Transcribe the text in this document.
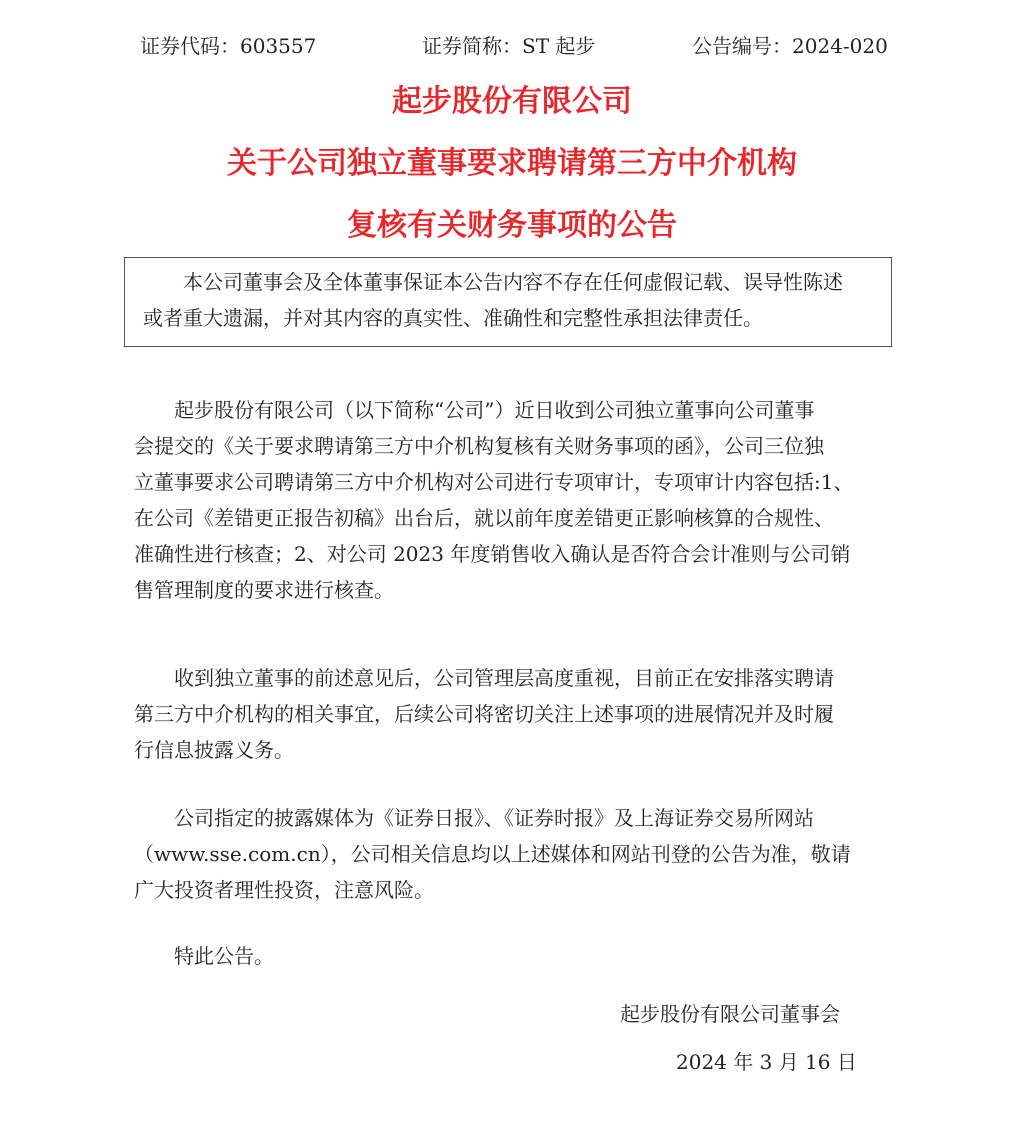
证券代码：603557	证券简称：ST 起步	公告编号：2024-020
起步股份有限公司
关于公司独立董事要求聘请第三方中介机构
复核有关财务事项的公告

本公司董事会及全体董事保证本公告内容不存在任何虚假记载、误导性陈述
或者重大遗漏，并对其内容的真实性、准确性和完整性承担法律责任。

起步股份有限公司（以下简称“公司”）近日收到公司独立董事向公司董事
会提交的《关于要求聘请第三方中介机构复核有关财务事项的函》，公司三位独
立董事要求公司聘请第三方中介机构对公司进行专项审计，专项审计内容包括:1、
在公司《差错更正报告初稿》出台后，就以前年度差错更正影响核算的合规性、
准确性进行核查；2、对公司 2023 年度销售收入确认是否符合会计准则与公司销
售管理制度的要求进行核查。
收到独立董事的前述意见后，公司管理层高度重视，目前正在安排落实聘请
第三方中介机构的相关事宜，后续公司将密切关注上述事项的进展情况并及时履
行信息披露义务。
公司指定的披露媒体为《证券日报》、《证券时报》及上海证券交易所网站
（www.sse.com.cn），公司相关信息均以上述媒体和网站刊登的公告为准，敬请
广大投资者理性投资，注意风险。
特此公告。
起步股份有限公司董事会
2024 年 3 月 16 日
